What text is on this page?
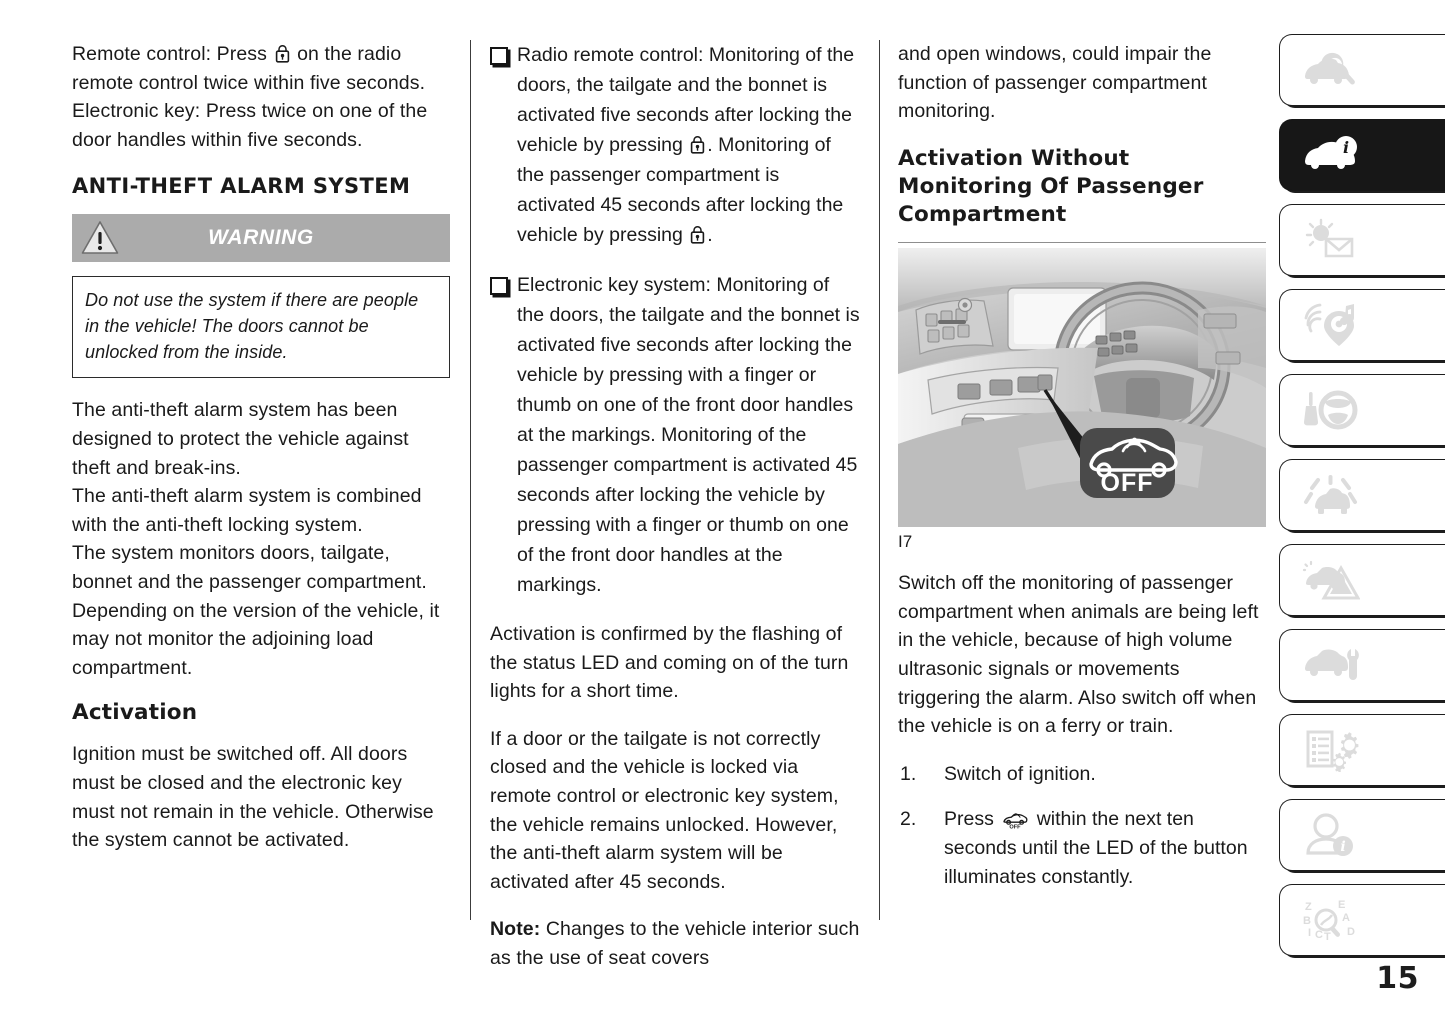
Remote control: Press on the radio remote control twice within five seconds.

Electronic key: Press twice on one of the door handles within five seconds.

ANTI-THEFT ALARM SYSTEM
WARNING

Do not use the system if there are people in the vehicle! The doors cannot be unlocked from the inside.

The anti-theft alarm system has been designed to protect the vehicle against theft and break-ins.

The anti-theft alarm system is combined with the anti-theft locking system.

The system monitors doors, tailgate, bonnet and the passenger compartment.

Depending on the version of the vehicle, it may not monitor the adjoining load compartment.

Activation

Ignition must be switched off. All doors must be closed and the electronic key must not remain in the vehicle. Otherwise the system cannot be activated.

Radio remote control: Monitoring of the doors, the tailgate and the bonnet is activated five seconds after locking the vehicle by pressing . Monitoring of the passenger compartment is activated 45 seconds after locking the vehicle by pressing .
Electronic key system: Monitoring of the doors, the tailgate and the bonnet is activated five seconds after locking the vehicle by pressing with a finger or thumb on one of the front door handles at the markings. Monitoring of the passenger compartment is activated 45 seconds after locking the vehicle by pressing with a finger or thumb on one of the front door handles at the markings.

Activation is confirmed by the flashing of the status LED and coming on of the turn lights for a short time.

If a door or the tailgate is not correctly closed and the vehicle is locked via remote control or electronic key system, the vehicle remains unlocked. However, the anti-theft alarm system will be activated after 45 seconds.

Note: Changes to the vehicle interior such as the use of seat covers

and open windows, could impair the function of passenger compartment monitoring.

Activation Without Monitoring Of Passenger Compartment
OFF
I7

Switch off the monitoring of passenger compartment when animals are being left in the vehicle, because of high volume ultrasonic signals or movements triggering the alarm. Also switch off when the vehicle is on a ferry or train.

1. Switch of ignition.
2. Press	OFF within the next ten seconds until the LED of the button illuminates constantly.
i
i
Z B I C T E A D
15
